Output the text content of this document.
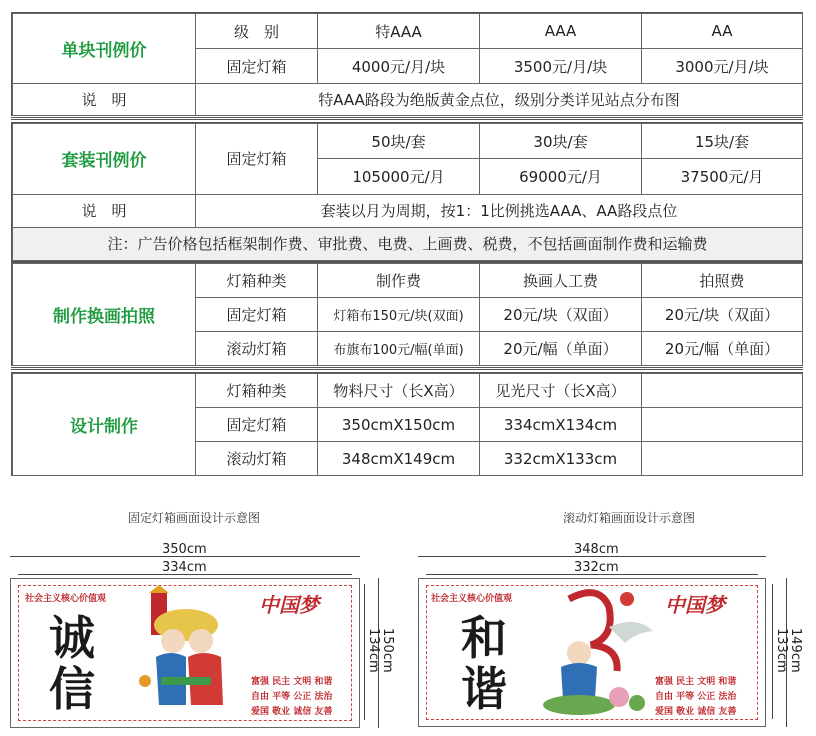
单块刊例价	级　别	特AAA	AAA	AA
	固定灯箱	4000元/月/块	3500元/月/块	3000元/月/块
说　明	特AAA路段为绝版黄金点位，级别分类详见站点分布图			
套装刊例价	固定灯箱	50块/套	30块/套	15块/套
		105000元/月	69000元/月	37500元/月
说　明	套装以月为周期，按1：1比例挑选AAA、AA路段点位			
注：广告价格包括框架制作费、审批费、电费、上画费、税费，不包括画面制作费和运输费				
制作换画拍照	灯箱种类	制作费	换画人工费	拍照费
	固定灯箱	灯箱布150元/块(双面)	20元/块（双面）	20元/块（双面）
	滚动灯箱	布旗布100元/幅(单面)	20元/幅（单面）	20元/幅（单面）
设计制作	灯箱种类	物料尺寸（长X高）	见光尺寸（长X高）	
	固定灯箱	350cmX150cm	334cmX134cm	
	滚动灯箱	348cmX149cm	332cmX133cm	
固定灯箱画面设计示意图
350cm
334cm
社会主义核心价值观
诚信
中国梦
富强 民主 文明 和谐
自由 平等 公正 法治
爱国 敬业 诚信 友善
150cm
134cm
滚动灯箱画面设计示意图
348cm
332cm
社会主义核心价值观
和谐
中国梦
富强 民主 文明 和谐
自由 平等 公正 法治
爱国 敬业 诚信 友善
149cm
133cm
